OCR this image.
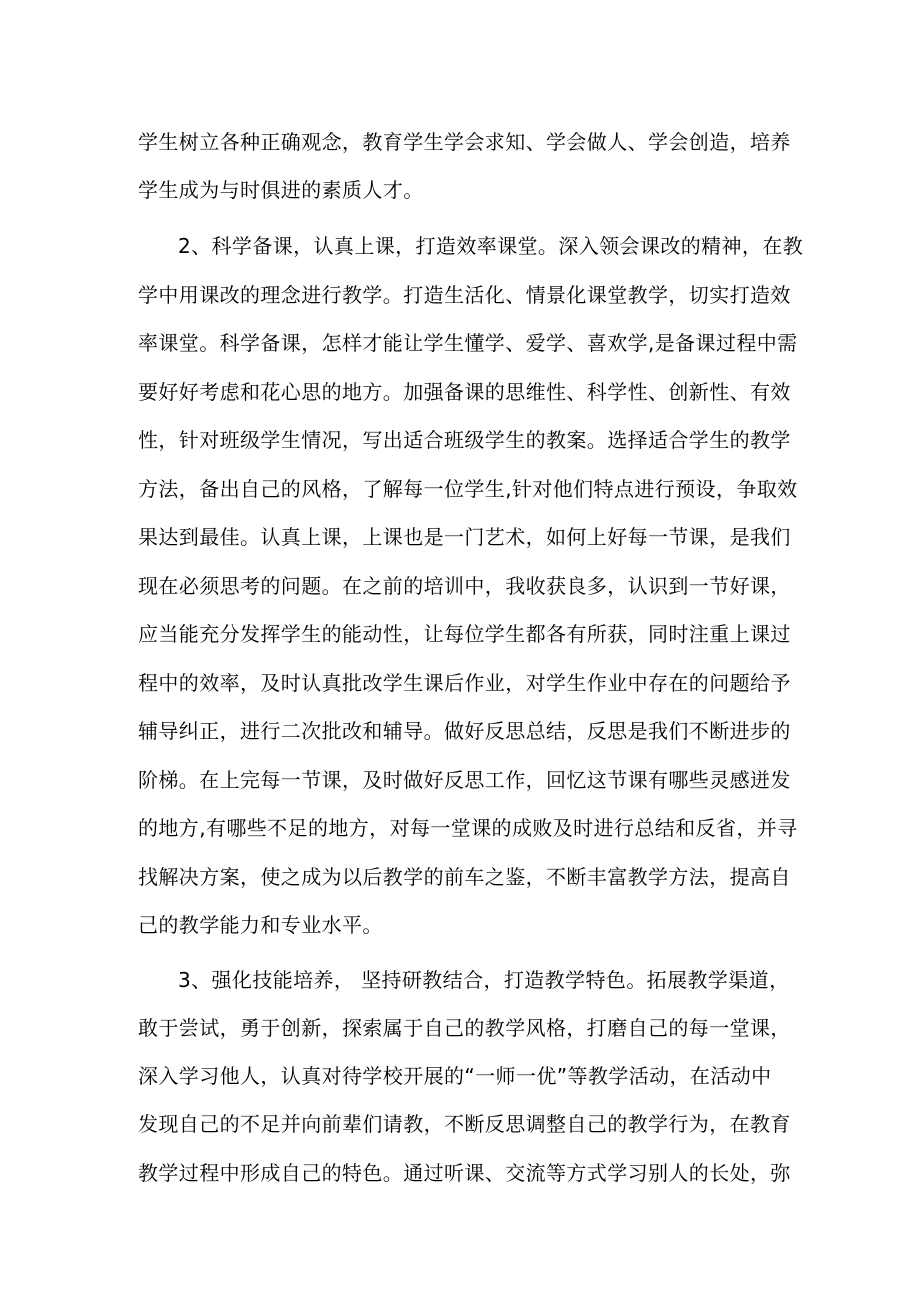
学生树立各种正确观念，教育学生学会求知、学会做人、学会创造，培养
学生成为与时俱进的素质人才。
2、科学备课，认真上课，打造效率课堂。深入领会课改的精神，在教
学中用课改的理念进行教学。打造生活化、情景化课堂教学，切实打造效
率课堂。科学备课，怎样才能让学生懂学、爱学、喜欢学,是备课过程中需
要好好考虑和花心思的地方。加强备课的思维性、科学性、创新性、有效
性，针对班级学生情况，写出适合班级学生的教案。选择适合学生的教学
方法，备出自己的风格，了解每一位学生,针对他们特点进行预设，争取效
果达到最佳。认真上课，上课也是一门艺术，如何上好每一节课，是我们
现在必须思考的问题。在之前的培训中，我收获良多，认识到一节好课，
应当能充分发挥学生的能动性，让每位学生都各有所获，同时注重上课过
程中的效率，及时认真批改学生课后作业，对学生作业中存在的问题给予
辅导纠正，进行二次批改和辅导。做好反思总结，反思是我们不断进步的
阶梯。在上完每一节课，及时做好反思工作，回忆这节课有哪些灵感迸发
的地方,有哪些不足的地方，对每一堂课的成败及时进行总结和反省，并寻
找解决方案，使之成为以后教学的前车之鉴，不断丰富教学方法，提高自
己的教学能力和专业水平。
3、强化技能培养， 坚持研教结合，打造教学特色。拓展教学渠道，
敢于尝试，勇于创新，探索属于自己的教学风格，打磨自己的每一堂课，
深入学习他人，认真对待学校开展的“一师一优”等教学活动，在活动中
发现自己的不足并向前辈们请教，不断反思调整自己的教学行为，在教育
教学过程中形成自己的特色。通过听课、交流等方式学习别人的长处，弥
